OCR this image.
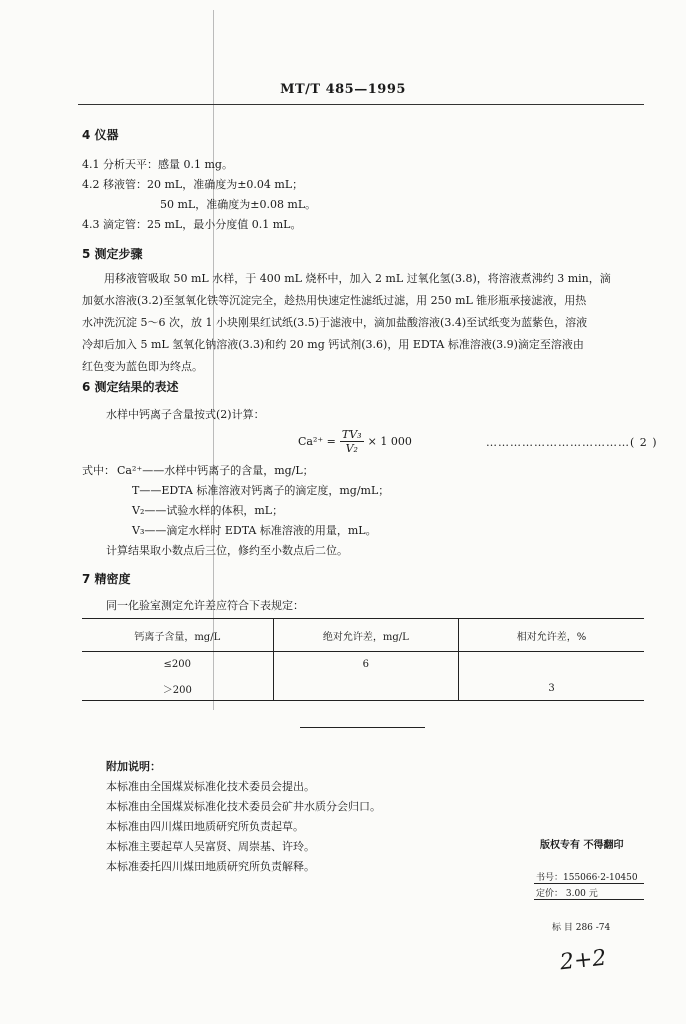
MT/T 485—1995
4 仪器
4.1 分析天平：感量 0.1 mg。
4.2 移液管：20 mL，准确度为±0.04 mL；
50 mL，准确度为±0.08 mL。
4.3 滴定管：25 mL，最小分度值 0.1 mL。
5 测定步骤
用移液管吸取 50 mL 水样，于 400 mL 烧杯中，加入 2 mL 过氧化氢(3.8)，将溶液煮沸约 3 min，滴
加氨水溶液(3.2)至氢氧化铁等沉淀完全，趁热用快速定性滤纸过滤，用 250 mL 锥形瓶承接滤液，用热
水冲洗沉淀 5～6 次，放 1 小块刚果红试纸(3.5)于滤液中，滴加盐酸溶液(3.4)至试纸变为蓝紫色，溶液
冷却后加入 5 mL 氢氧化钠溶液(3.3)和约 20 mg 钙试剂(3.6)，用 EDTA 标准溶液(3.9)滴定至溶液由
红色变为蓝色即为终点。
6 测定结果的表述
水样中钙离子含量按式(2)计算：
$Ca^{2+} = \frac{\text{TV₃}}{\text{V₂}} \times 1$ 000	………………………………( 2 )
式中： Ca²⁺——水样中钙离子的含量，mg/L；
T——EDTA 标准溶液对钙离子的滴定度，mg/mL；
V₂——试验水样的体积，mL；
V₃——滴定水样时 EDTA 标准溶液的用量，mL。
计算结果取小数点后三位，修约至小数点后二位。
7 精密度
同一化验室测定允许差应符合下表规定：
钙离子含量，mg/L	绝对允许差，mg/L	相对允许差，%
≤200	6	
＞200		3
附加说明：
本标准由全国煤炭标准化技术委员会提出。
本标准由全国煤炭标准化技术委员会矿井水质分会归口。
本标准由四川煤田地质研究所负责起草。
本标准主要起草人吴富贤、周崇基、许玲。
本标准委托四川煤田地质研究所负责解释。
版权专有 不得翻印
书号：155066·2-10450
定价： 3.00 元
标 目 286 -74
2+2
